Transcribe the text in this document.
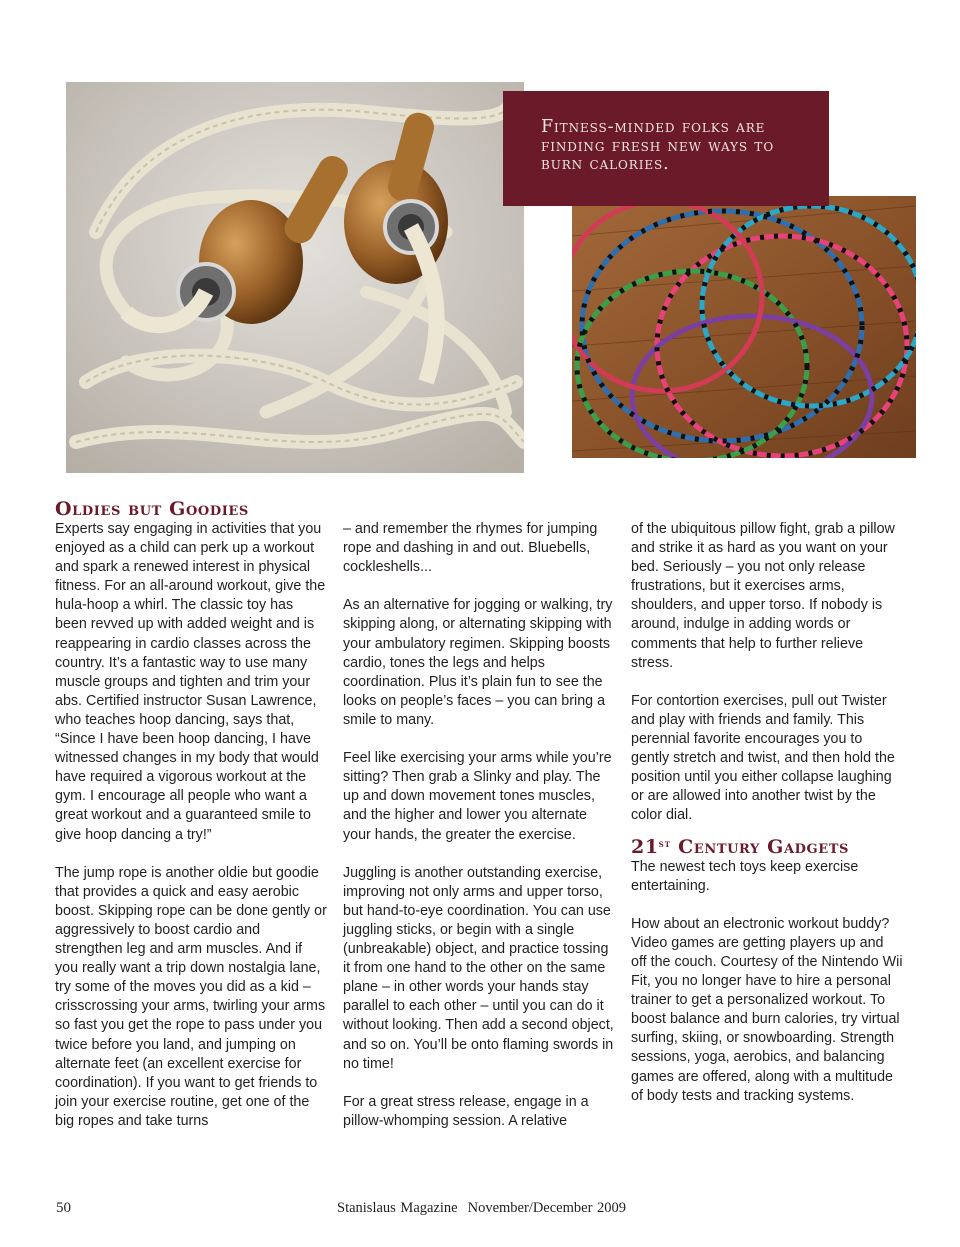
Fitness-minded folks are finding fresh new ways to burn calories.

Oldies but Goodies

Experts say engaging in activities that you enjoyed as a child can perk up a workout and spark a renewed interest in physical fitness. For an all-around workout, give the hula-hoop a whirl. The classic toy has been revved up with added weight and is reappearing in cardio classes across the country. It’s a fantastic way to use many muscle groups and tighten and trim your abs. Certified instructor Susan Lawrence, who teaches hoop dancing, says that, “Since I have been hoop dancing, I have witnessed changes in my body that would have required a vigorous workout at the gym. I encourage all people who want a great workout and a guaranteed smile to give hoop dancing a try!”

The jump rope is another oldie but goodie that provides a quick and easy aerobic boost. Skipping rope can be done gently or aggressively to boost cardio and strengthen leg and arm muscles. And if you really want a trip down nostalgia lane, try some of the moves you did as a kid – crisscrossing your arms, twirling your arms so fast you get the rope to pass under you twice before you land, and jumping on alternate feet (an excellent exercise for coordination). If you want to get friends to join your exercise routine, get one of the big ropes and take turns

– and remember the rhymes for jumping rope and dashing in and out. Bluebells, cockleshells...

As an alternative for jogging or walking, try skipping along, or alternating skipping with your ambulatory regimen. Skipping boosts cardio, tones the legs and helps coordination. Plus it’s plain fun to see the looks on people’s faces – you can bring a smile to many.

Feel like exercising your arms while you’re sitting? Then grab a Slinky and play. The up and down movement tones muscles, and the higher and lower you alternate your hands, the greater the exercise.

Juggling is another outstanding exercise, improving not only arms and upper torso, but hand-to-eye coordination. You can use juggling sticks, or begin with a single (unbreakable) object, and practice tossing it from one hand to the other on the same plane – in other words your hands stay parallel to each other – until you can do it without looking. Then add a second object, and so on. You’ll be onto flaming swords in no time!

For a great stress release, engage in a pillow-whomping session. A relative

of the ubiquitous pillow fight, grab a pillow and strike it as hard as you want on your bed. Seriously – you not only release frustrations, but it exercises arms, shoulders, and upper torso. If nobody is around, indulge in adding words or comments that help to further relieve stress.

For contortion exercises, pull out Twister and play with friends and family. This perennial favorite encourages you to gently stretch and twist, and then hold the position until you either collapse laughing or are allowed into another twist by the color dial.

21st Century Gadgets

The newest tech toys keep exercise entertaining.

How about an electronic workout buddy? Video games are getting players up and off the couch. Courtesy of the Nintendo Wii Fit, you no longer have to hire a personal trainer to get a personalized workout. To boost balance and burn calories, try virtual surfing, skiing, or snowboarding. Strength sessions, yoga, aerobics, and balancing games are offered, along with a multitude of body tests and tracking systems.

50	Stanislaus Magazine November/December 2009
